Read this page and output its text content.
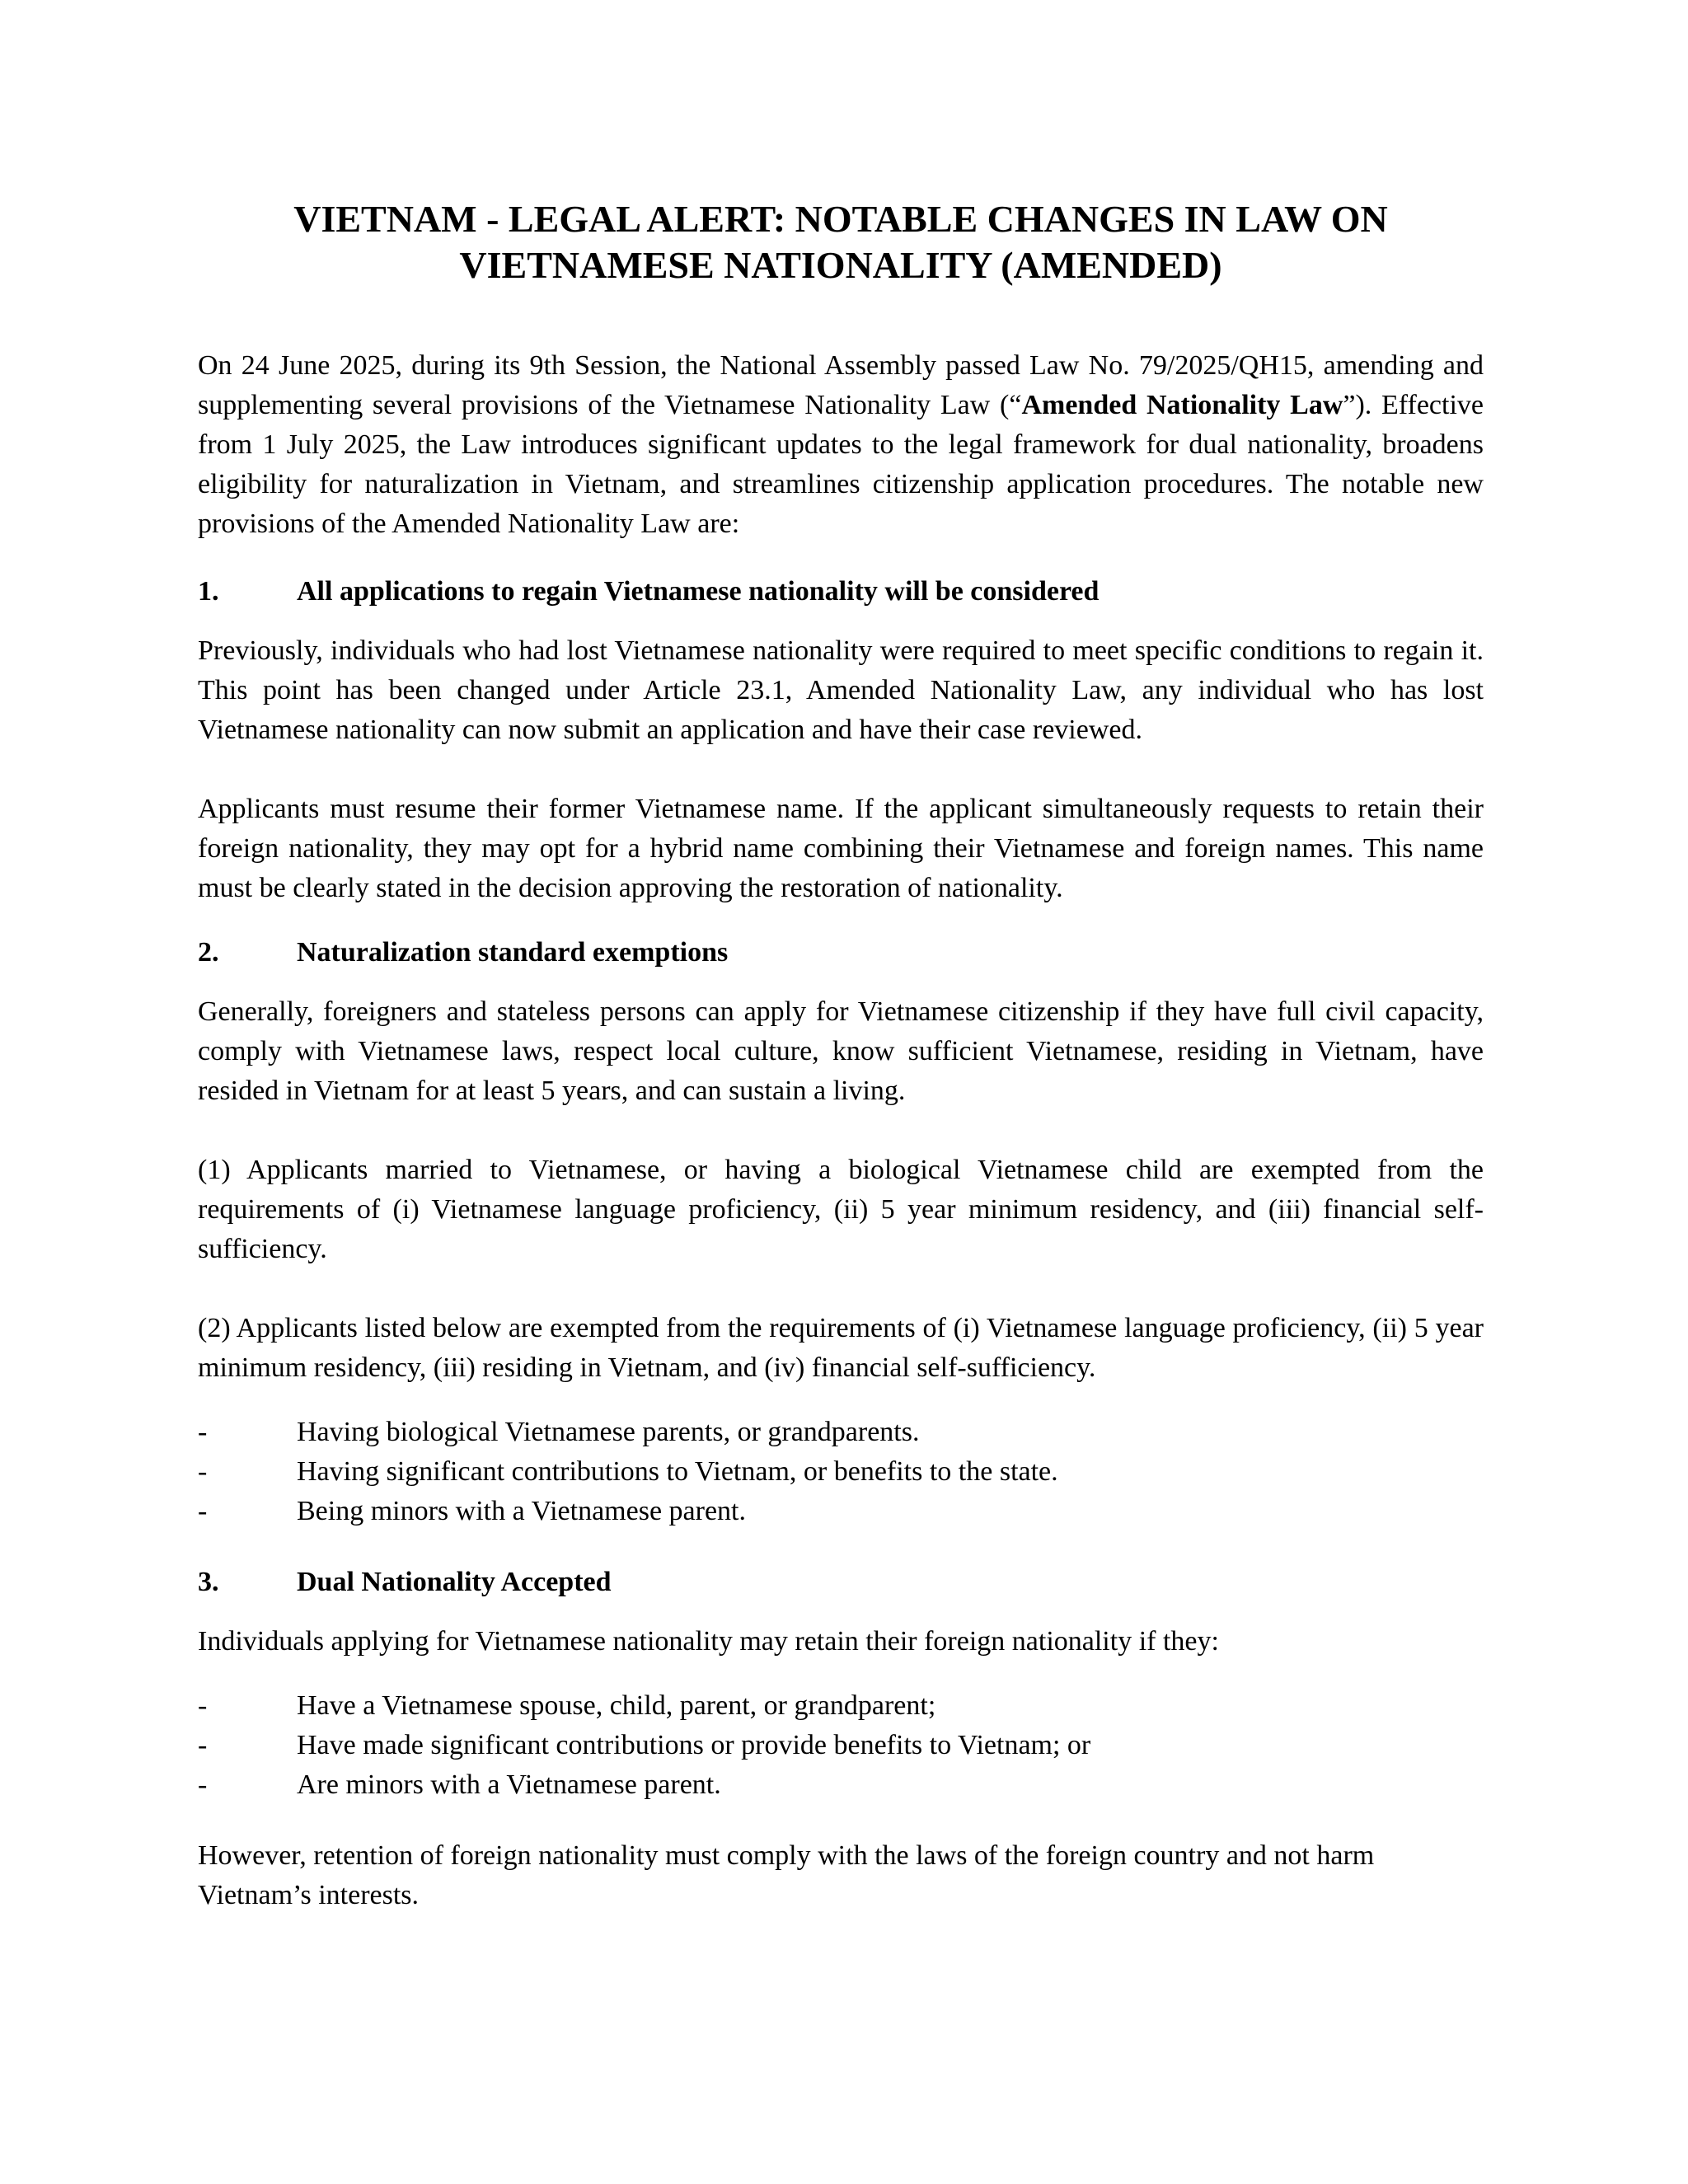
VIETNAM - LEGAL ALERT: NOTABLE CHANGES IN LAW ON
VIETNAMESE NATIONALITY (AMENDED)

On 24 June 2025, during its 9th Session, the National Assembly passed Law No. 79/2025/QH15, amending and supplementing several provisions of the Vietnamese Nationality Law (“Amended Nationality Law”). Effective from 1 July 2025, the Law introduces significant updates to the legal framework for dual nationality, broadens eligibility for naturalization in Vietnam, and streamlines citizenship application procedures. The notable new provisions of the Amended Nationality Law are:

1.	All applications to regain Vietnamese nationality will be considered

Previously, individuals who had lost Vietnamese nationality were required to meet specific conditions to regain it. This point has been changed under Article 23.1, Amended Nationality Law, any individual who has lost Vietnamese nationality can now submit an application and have their case reviewed.

Applicants must resume their former Vietnamese name. If the applicant simultaneously requests to retain their foreign nationality, they may opt for a hybrid name combining their Vietnamese and foreign names. This name must be clearly stated in the decision approving the restoration of nationality.

2.	Naturalization standard exemptions

Generally, foreigners and stateless persons can apply for Vietnamese citizenship if they have full civil capacity, comply with Vietnamese laws, respect local culture, know sufficient Vietnamese, residing in Vietnam, have resided in Vietnam for at least 5 years, and can sustain a living.

(1) Applicants married to Vietnamese, or having a biological Vietnamese child are exempted from the requirements of (i) Vietnamese language proficiency, (ii) 5 year minimum residency, and (iii) financial self-sufficiency.

(2) Applicants listed below are exempted from the requirements of (i) Vietnamese language proficiency, (ii) 5 year minimum residency, (iii) residing in Vietnam, and (iv) financial self-sufficiency.

-	Having biological Vietnamese parents, or grandparents.
-	Having significant contributions to Vietnam, or benefits to the state.
-	Being minors with a Vietnamese parent.
3.	Dual Nationality Accepted

Individuals applying for Vietnamese nationality may retain their foreign nationality if they:

-	Have a Vietnamese spouse, child, parent, or grandparent;
-	Have made significant contributions or provide benefits to Vietnam; or
-	Are minors with a Vietnamese parent.

However, retention of foreign nationality must comply with the laws of the foreign country and not harm Vietnam’s interests.
